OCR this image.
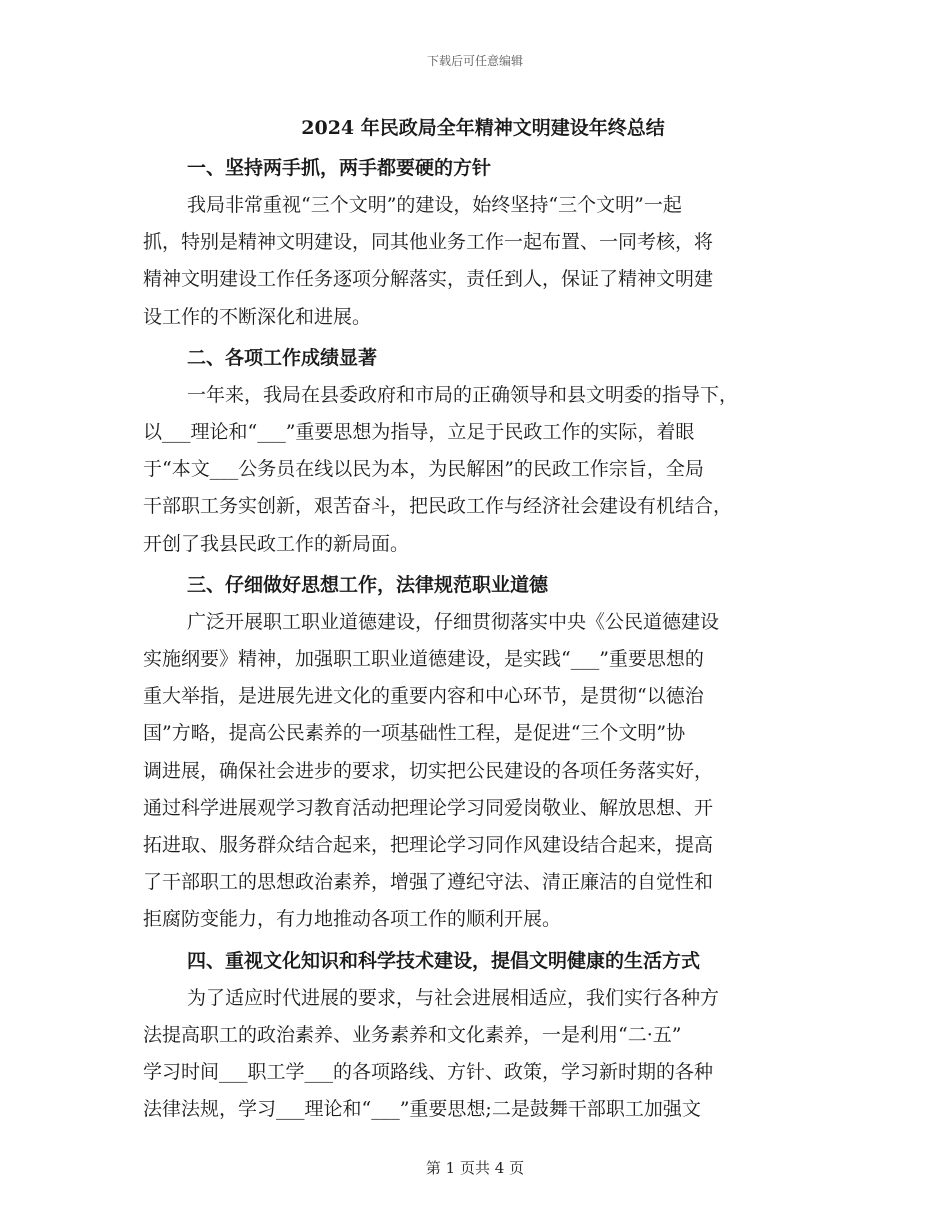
下载后可任意编辑
2024 年民政局全年精神文明建设年终总结
一、坚持两手抓，两手都要硬的方针

我局非常重视“三个文明”的建设，始终坚持“三个文明”一起
抓，特别是精神文明建设，同其他业务工作一起布置、一同考核，将
精神文明建设工作任务逐项分解落实，责任到人，保证了精神文明建
设工作的不断深化和进展。

二、各项工作成绩显著

一年来，我局在县委政府和市局的正确领导和县文明委的指导下，
以___理论和“___”重要思想为指导，立足于民政工作的实际，着眼
于“本文___公务员在线以民为本，为民解困”的民政工作宗旨，全局
干部职工务实创新，艰苦奋斗，把民政工作与经济社会建设有机结合，
开创了我县民政工作的新局面。

三、仔细做好思想工作，法律规范职业道德

广泛开展职工职业道德建设，仔细贯彻落实中央《公民道德建设
实施纲要》精神，加强职工职业道德建设，是实践“___”重要思想的
重大举指，是进展先进文化的重要内容和中心环节，是贯彻“以德治
国”方略，提高公民素养的一项基础性工程，是促进“三个文明”协
调进展，确保社会进步的要求，切实把公民建设的各项任务落实好，
通过科学进展观学习教育活动把理论学习同爱岗敬业、解放思想、开
拓进取、服务群众结合起来，把理论学习同作风建设结合起来，提高
了干部职工的思想政治素养，增强了遵纪守法、清正廉洁的自觉性和
拒腐防变能力，有力地推动各项工作的顺利开展。

四、重视文化知识和科学技术建设，提倡文明健康的生活方式

为了适应时代进展的要求，与社会进展相适应，我们实行各种方
法提高职工的政治素养、业务素养和文化素养，一是利用“二·五”
学习时间___职工学___的各项路线、方针、政策，学习新时期的各种
法律法规，学习___理论和“___”重要思想;二是鼓舞干部职工加强文

第 1 页共 4 页
